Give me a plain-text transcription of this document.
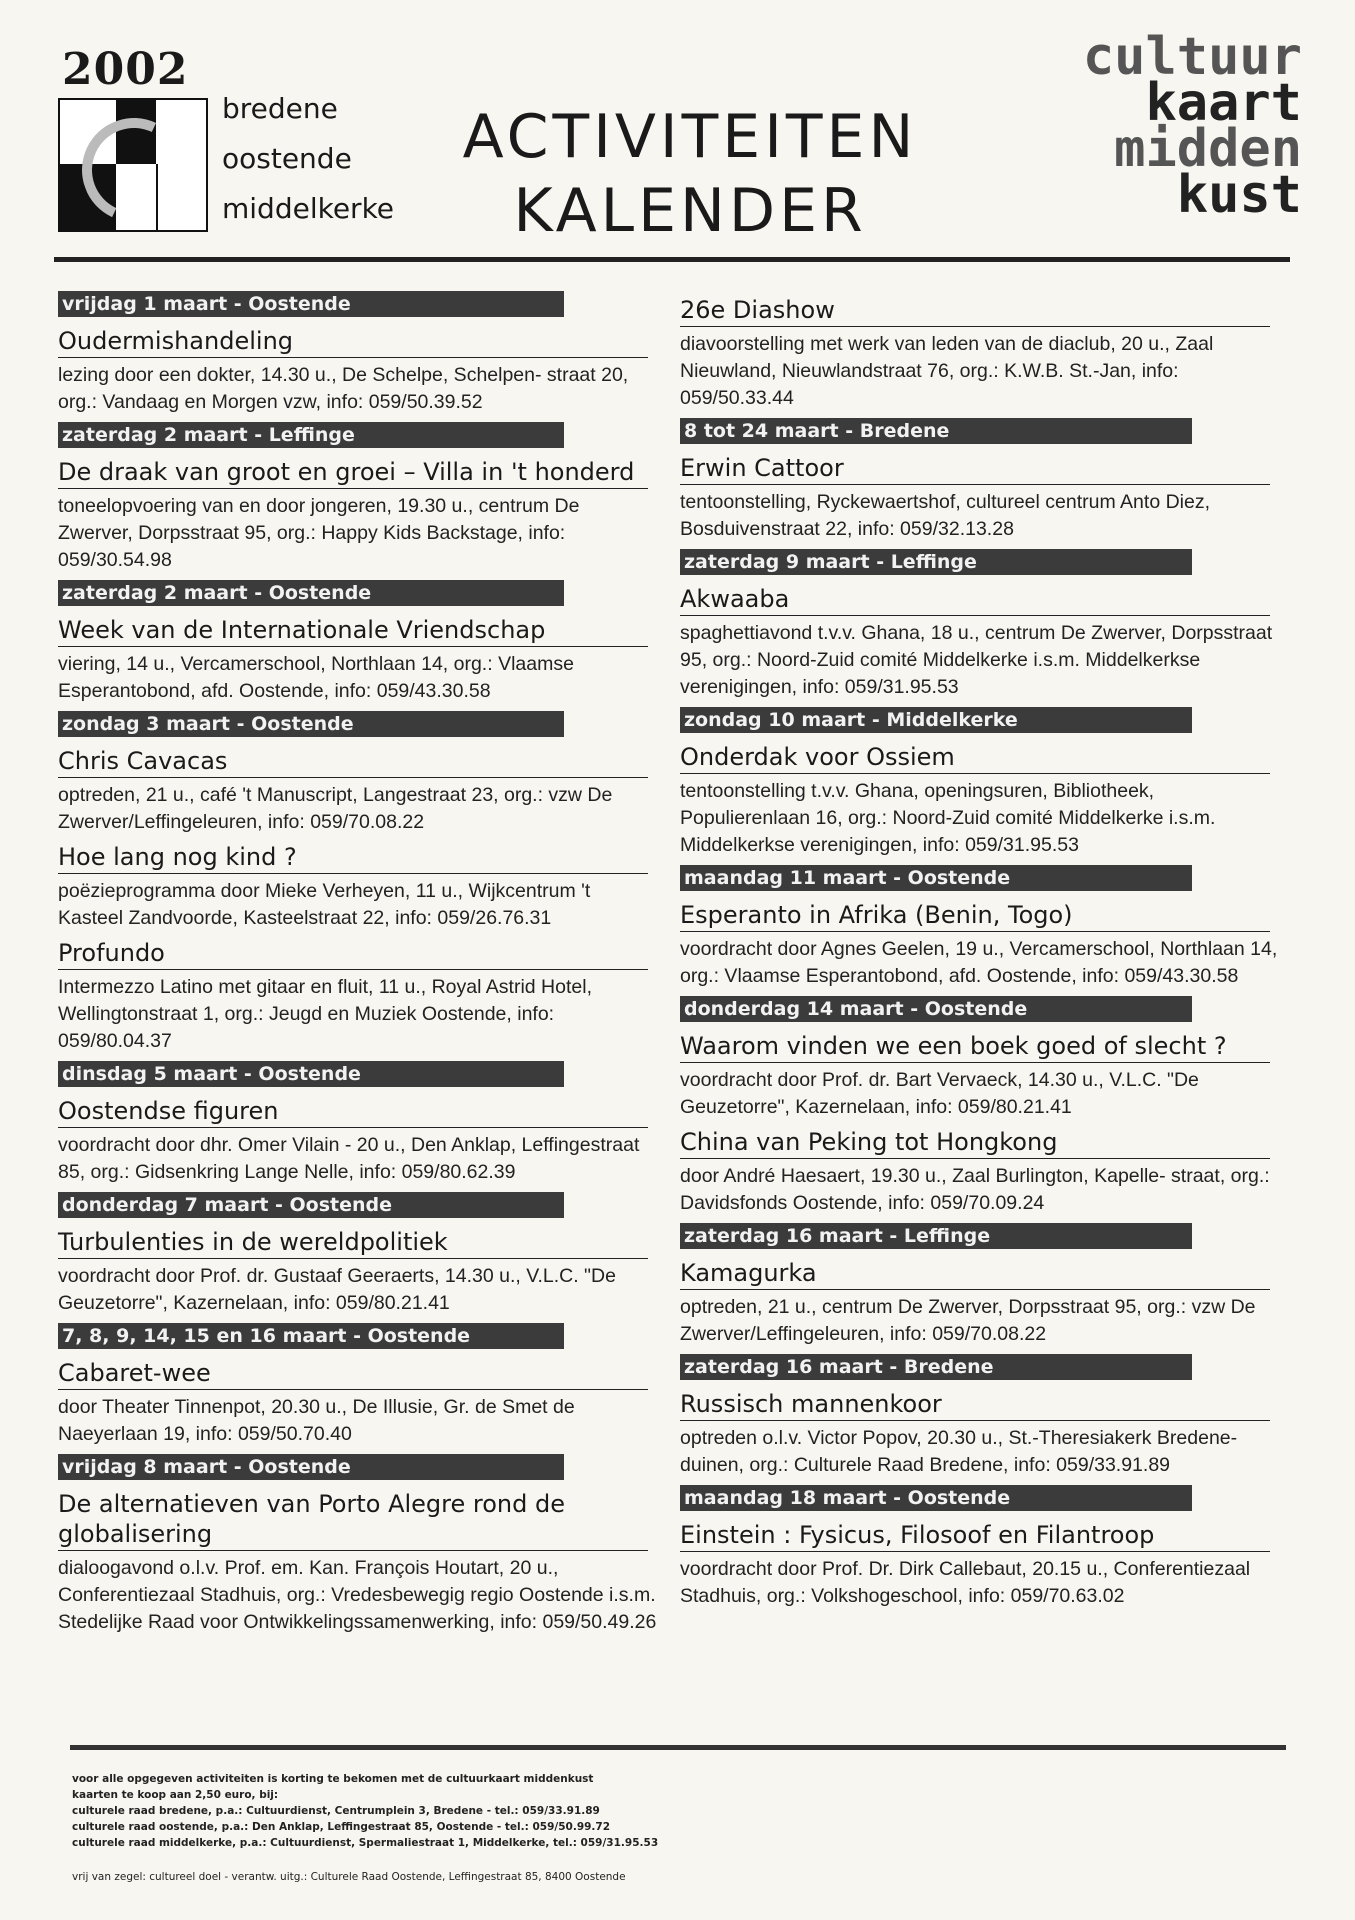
2002
bredene
oostende
middelkerke
ACTIVITEITEN
KALENDER
cultuur
kaart
midden
kust
vrijdag 1 maart - Oostende
Oudermishandeling
lezing door een dokter, 14.30 u., De Schelpe, Schelpen- straat 20, org.: Vandaag en Morgen vzw, info: 059/50.39.52
zaterdag 2 maart - Leffinge
De draak van groot en groei – Villa in 't honderd
toneelopvoering van en door jongeren, 19.30 u., centrum De Zwerver, Dorpsstraat 95, org.: Happy Kids Backstage, info: 059/30.54.98
zaterdag 2 maart - Oostende
Week van de Internationale Vriendschap
viering, 14 u., Vercamerschool, Northlaan 14, org.: Vlaamse Esperantobond, afd. Oostende, info: 059/43.30.58
zondag 3 maart - Oostende
Chris Cavacas
optreden, 21 u., café 't Manuscript, Langestraat 23, org.: vzw De Zwerver/Leffingeleuren, info: 059/70.08.22
Hoe lang nog kind ?
poëzieprogramma door Mieke Verheyen, 11 u., Wijkcentrum 't Kasteel Zandvoorde, Kasteelstraat 22, info: 059/26.76.31
Profundo
Intermezzo Latino met gitaar en fluit, 11 u., Royal Astrid Hotel, Wellingtonstraat 1, org.: Jeugd en Muziek Oostende, info: 059/80.04.37
dinsdag 5 maart - Oostende
Oostendse figuren
voordracht door dhr. Omer Vilain - 20 u., Den Anklap, Leffingestraat 85, org.: Gidsenkring Lange Nelle, info: 059/80.62.39
donderdag 7 maart - Oostende
Turbulenties in de wereldpolitiek
voordracht door Prof. dr. Gustaaf Geeraerts, 14.30 u., V.L.C. "De Geuzetorre", Kazernelaan, info: 059/80.21.41
7, 8, 9, 14, 15 en 16 maart - Oostende
Cabaret-wee
door Theater Tinnenpot, 20.30 u., De Illusie, Gr. de Smet de Naeyerlaan 19, info: 059/50.70.40
vrijdag 8 maart - Oostende
De alternatieven van Porto Alegre rond de globalisering
dialoogavond o.l.v. Prof. em. Kan. François Houtart, 20 u., Conferentiezaal Stadhuis, org.: Vredesbewegig regio Oostende i.s.m. Stedelijke Raad voor Ontwikkelingssamenwerking, info: 059/50.49.26
26e Diashow
diavoorstelling met werk van leden van de diaclub, 20 u., Zaal Nieuwland, Nieuwlandstraat 76, org.: K.W.B. St.-Jan, info: 059/50.33.44
8 tot 24 maart - Bredene
Erwin Cattoor
tentoonstelling, Ryckewaertshof, cultureel centrum Anto Diez, Bosduivenstraat 22, info: 059/32.13.28
zaterdag 9 maart - Leffinge
Akwaaba
spaghettiavond t.v.v. Ghana, 18 u., centrum De Zwerver, Dorpsstraat 95, org.: Noord-Zuid comité Middelkerke i.s.m. Middelkerkse verenigingen, info: 059/31.95.53
zondag 10 maart - Middelkerke
Onderdak voor Ossiem
tentoonstelling t.v.v. Ghana, openingsuren, Bibliotheek, Populierenlaan 16, org.: Noord-Zuid comité Middelkerke i.s.m. Middelkerkse verenigingen, info: 059/31.95.53
maandag 11 maart - Oostende
Esperanto in Afrika (Benin, Togo)
voordracht door Agnes Geelen, 19 u., Vercamerschool, Northlaan 14, org.: Vlaamse Esperantobond, afd. Oostende, info: 059/43.30.58
donderdag 14 maart - Oostende
Waarom vinden we een boek goed of slecht ?
voordracht door Prof. dr. Bart Vervaeck, 14.30 u., V.L.C. "De Geuzetorre", Kazernelaan, info: 059/80.21.41
China van Peking tot Hongkong
door André Haesaert, 19.30 u., Zaal Burlington, Kapelle- straat, org.: Davidsfonds Oostende, info: 059/70.09.24
zaterdag 16 maart - Leffinge
Kamagurka
optreden, 21 u., centrum De Zwerver, Dorpsstraat 95, org.: vzw De Zwerver/Leffingeleuren, info: 059/70.08.22
zaterdag 16 maart - Bredene
Russisch mannenkoor
optreden o.l.v. Victor Popov, 20.30 u., St.-Theresiakerk Bredene-duinen, org.: Culturele Raad Bredene, info: 059/33.91.89
maandag 18 maart - Oostende
Einstein : Fysicus, Filosoof en Filantroop
voordracht door Prof. Dr. Dirk Callebaut, 20.15 u., Conferentiezaal Stadhuis, org.: Volkshogeschool, info: 059/70.63.02
voor alle opgegeven activiteiten is korting te bekomen met de cultuurkaart middenkust
kaarten te koop aan 2,50 euro, bij:
culturele raad bredene, p.a.: Cultuurdienst, Centrumplein 3, Bredene - tel.: 059/33.91.89
culturele raad oostende, p.a.: Den Anklap, Leffingestraat 85, Oostende - tel.: 059/50.99.72
culturele raad middelkerke, p.a.: Cultuurdienst, Spermaliestraat 1, Middelkerke, tel.: 059/31.95.53
vrij van zegel: cultureel doel - verantw. uitg.: Culturele Raad Oostende, Leffingestraat 85, 8400 Oostende
